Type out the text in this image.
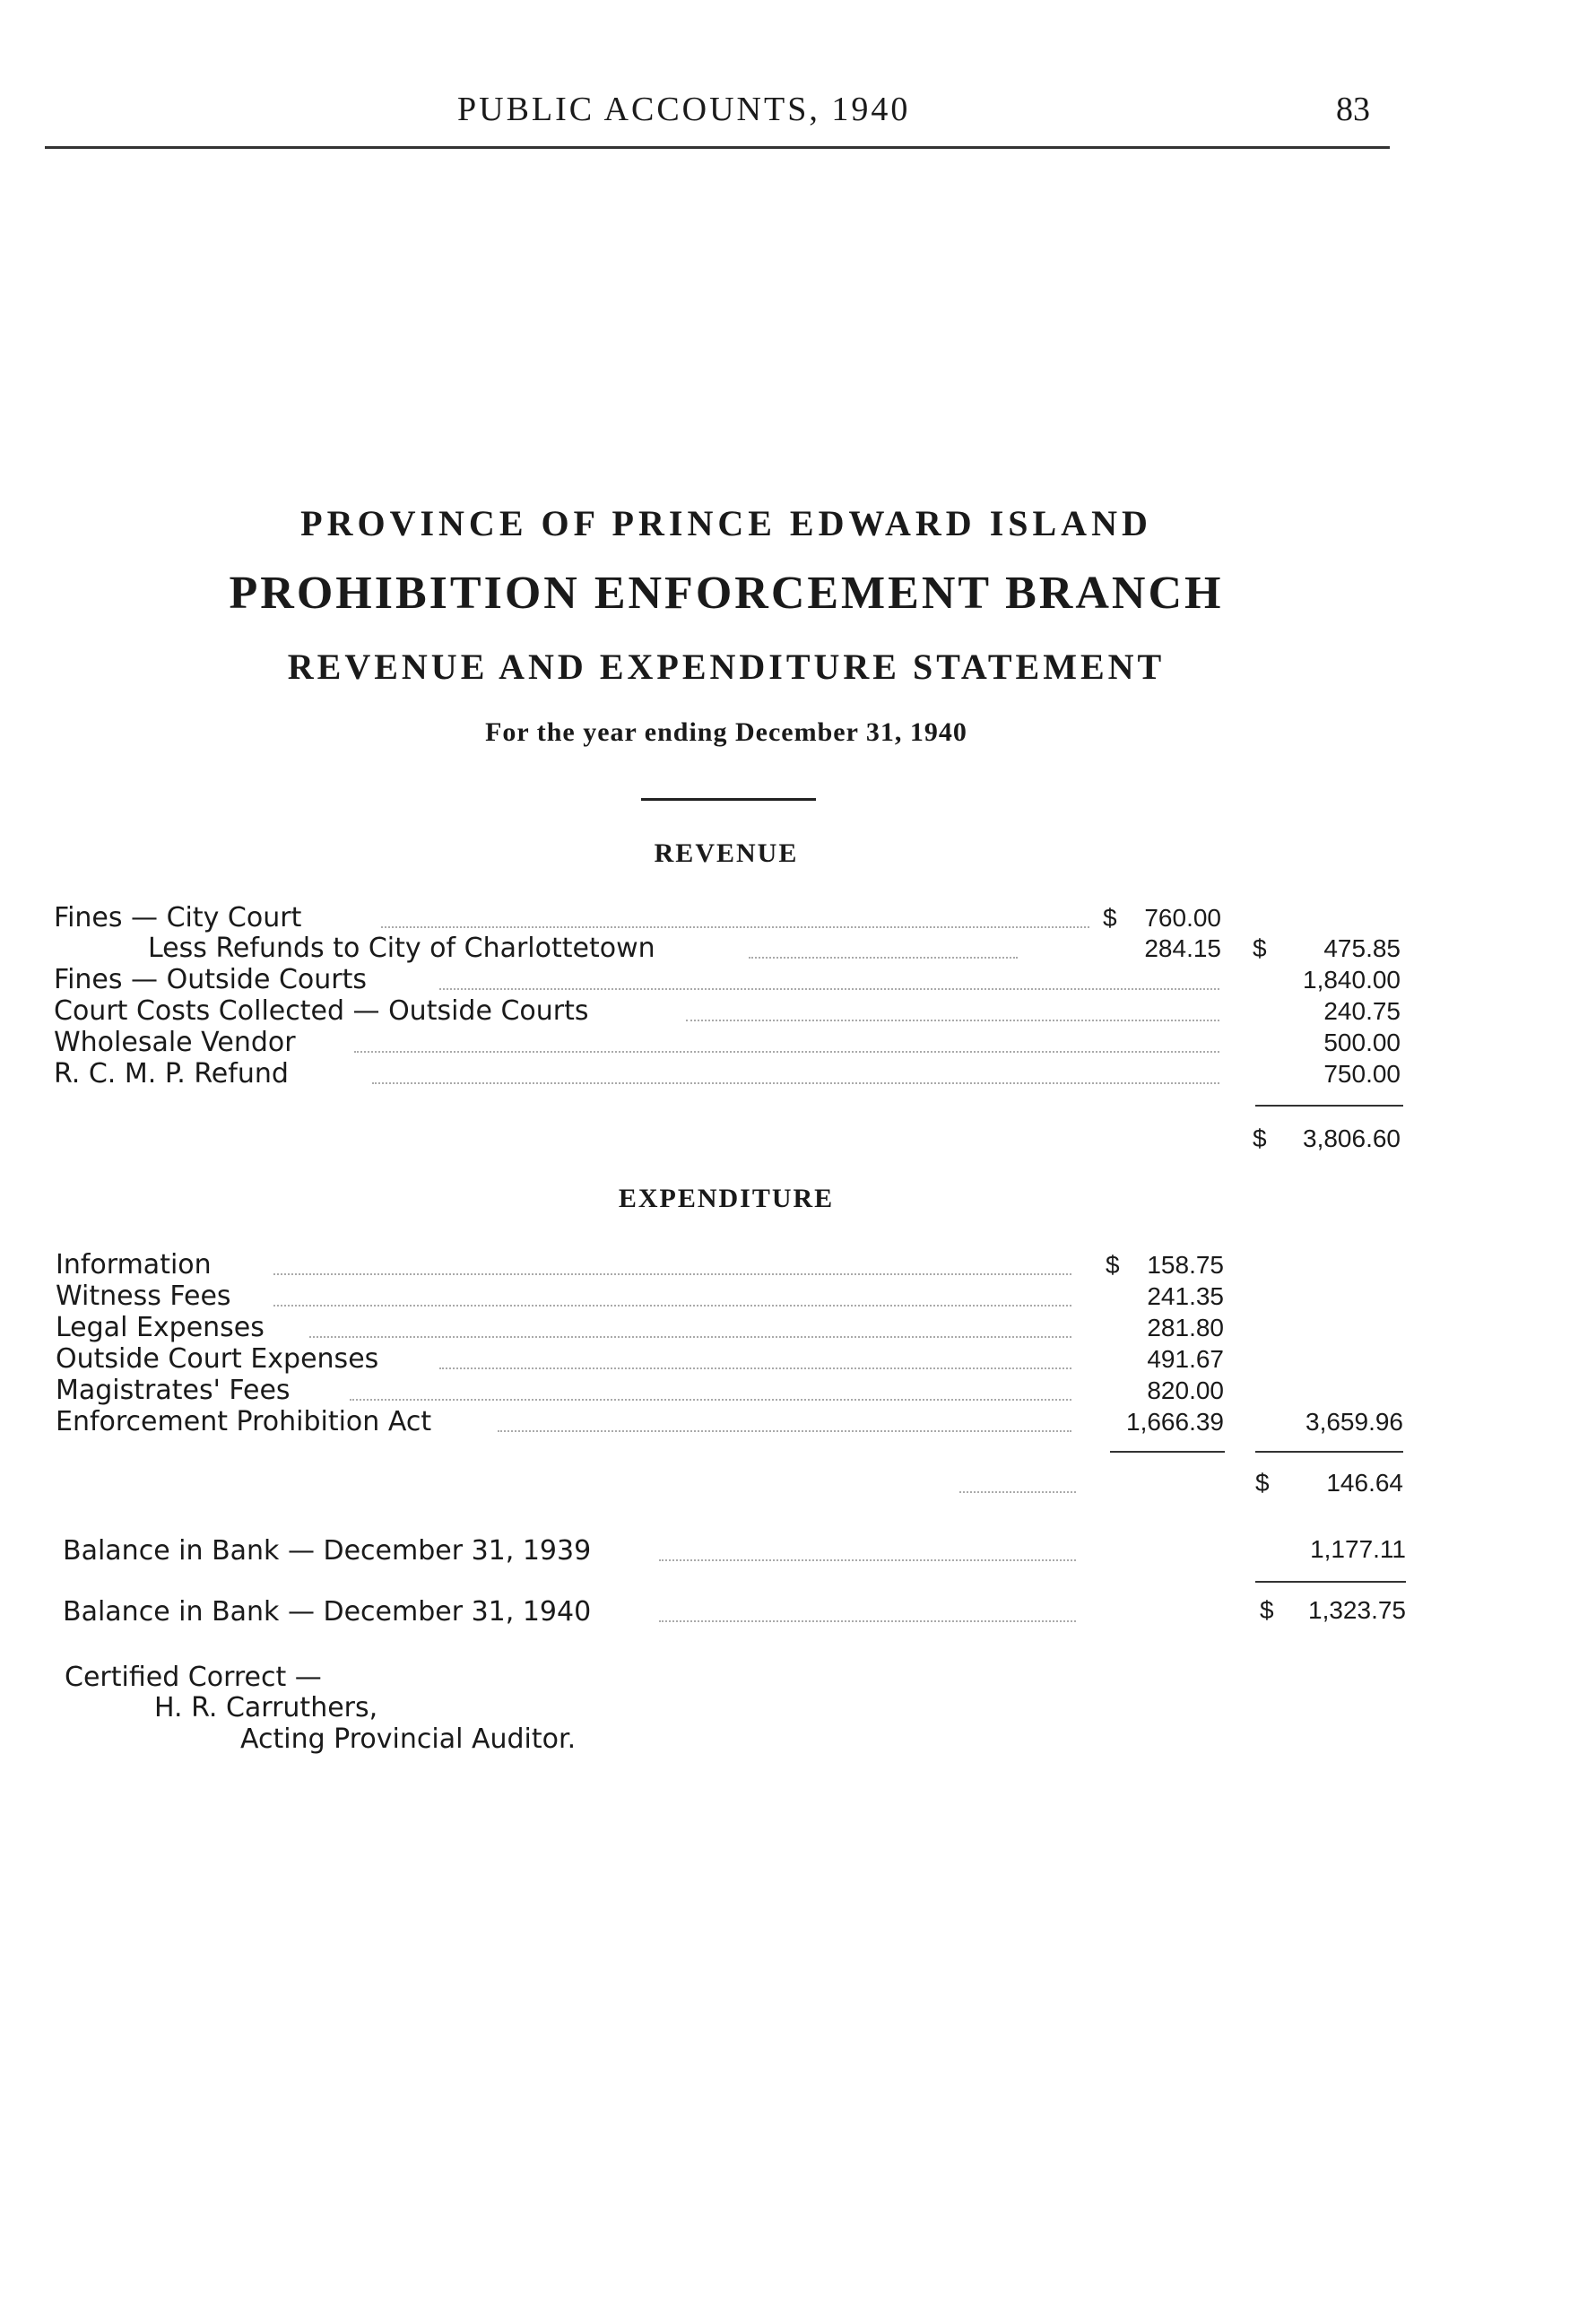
PUBLIC ACCOUNTS, 1940	83
PROVINCE OF PRINCE EDWARD ISLAND
PROHIBITION ENFORCEMENT BRANCH
REVENUE AND EXPENDITURE STATEMENT
For the year ending December 31, 1940
REVENUE
Fines — City Court	$	760.00
Less Refunds to City of Charlottetown	284.15 $	475.85
Fines — Outside Courts	1,840.00
Court Costs Collected — Outside Courts	240.75
Wholesale Vendor	500.00
R. C. M. P. Refund	750.00
$	3,806.60
EXPENDITURE
Information	$	158.75
Witness Fees	241.35
Legal Expenses	281.80
Outside Court Expenses	491.67
Magistrates' Fees	820.00
Enforcement Prohibition Act	1,666.39	3,659.96
$	146.64
Balance in Bank — December 31, 1939	1,177.11
Balance in Bank — December 31, 1940	$	1,323.75
Certified Correct —
H. R. Carruthers,
Acting Provincial Auditor.
